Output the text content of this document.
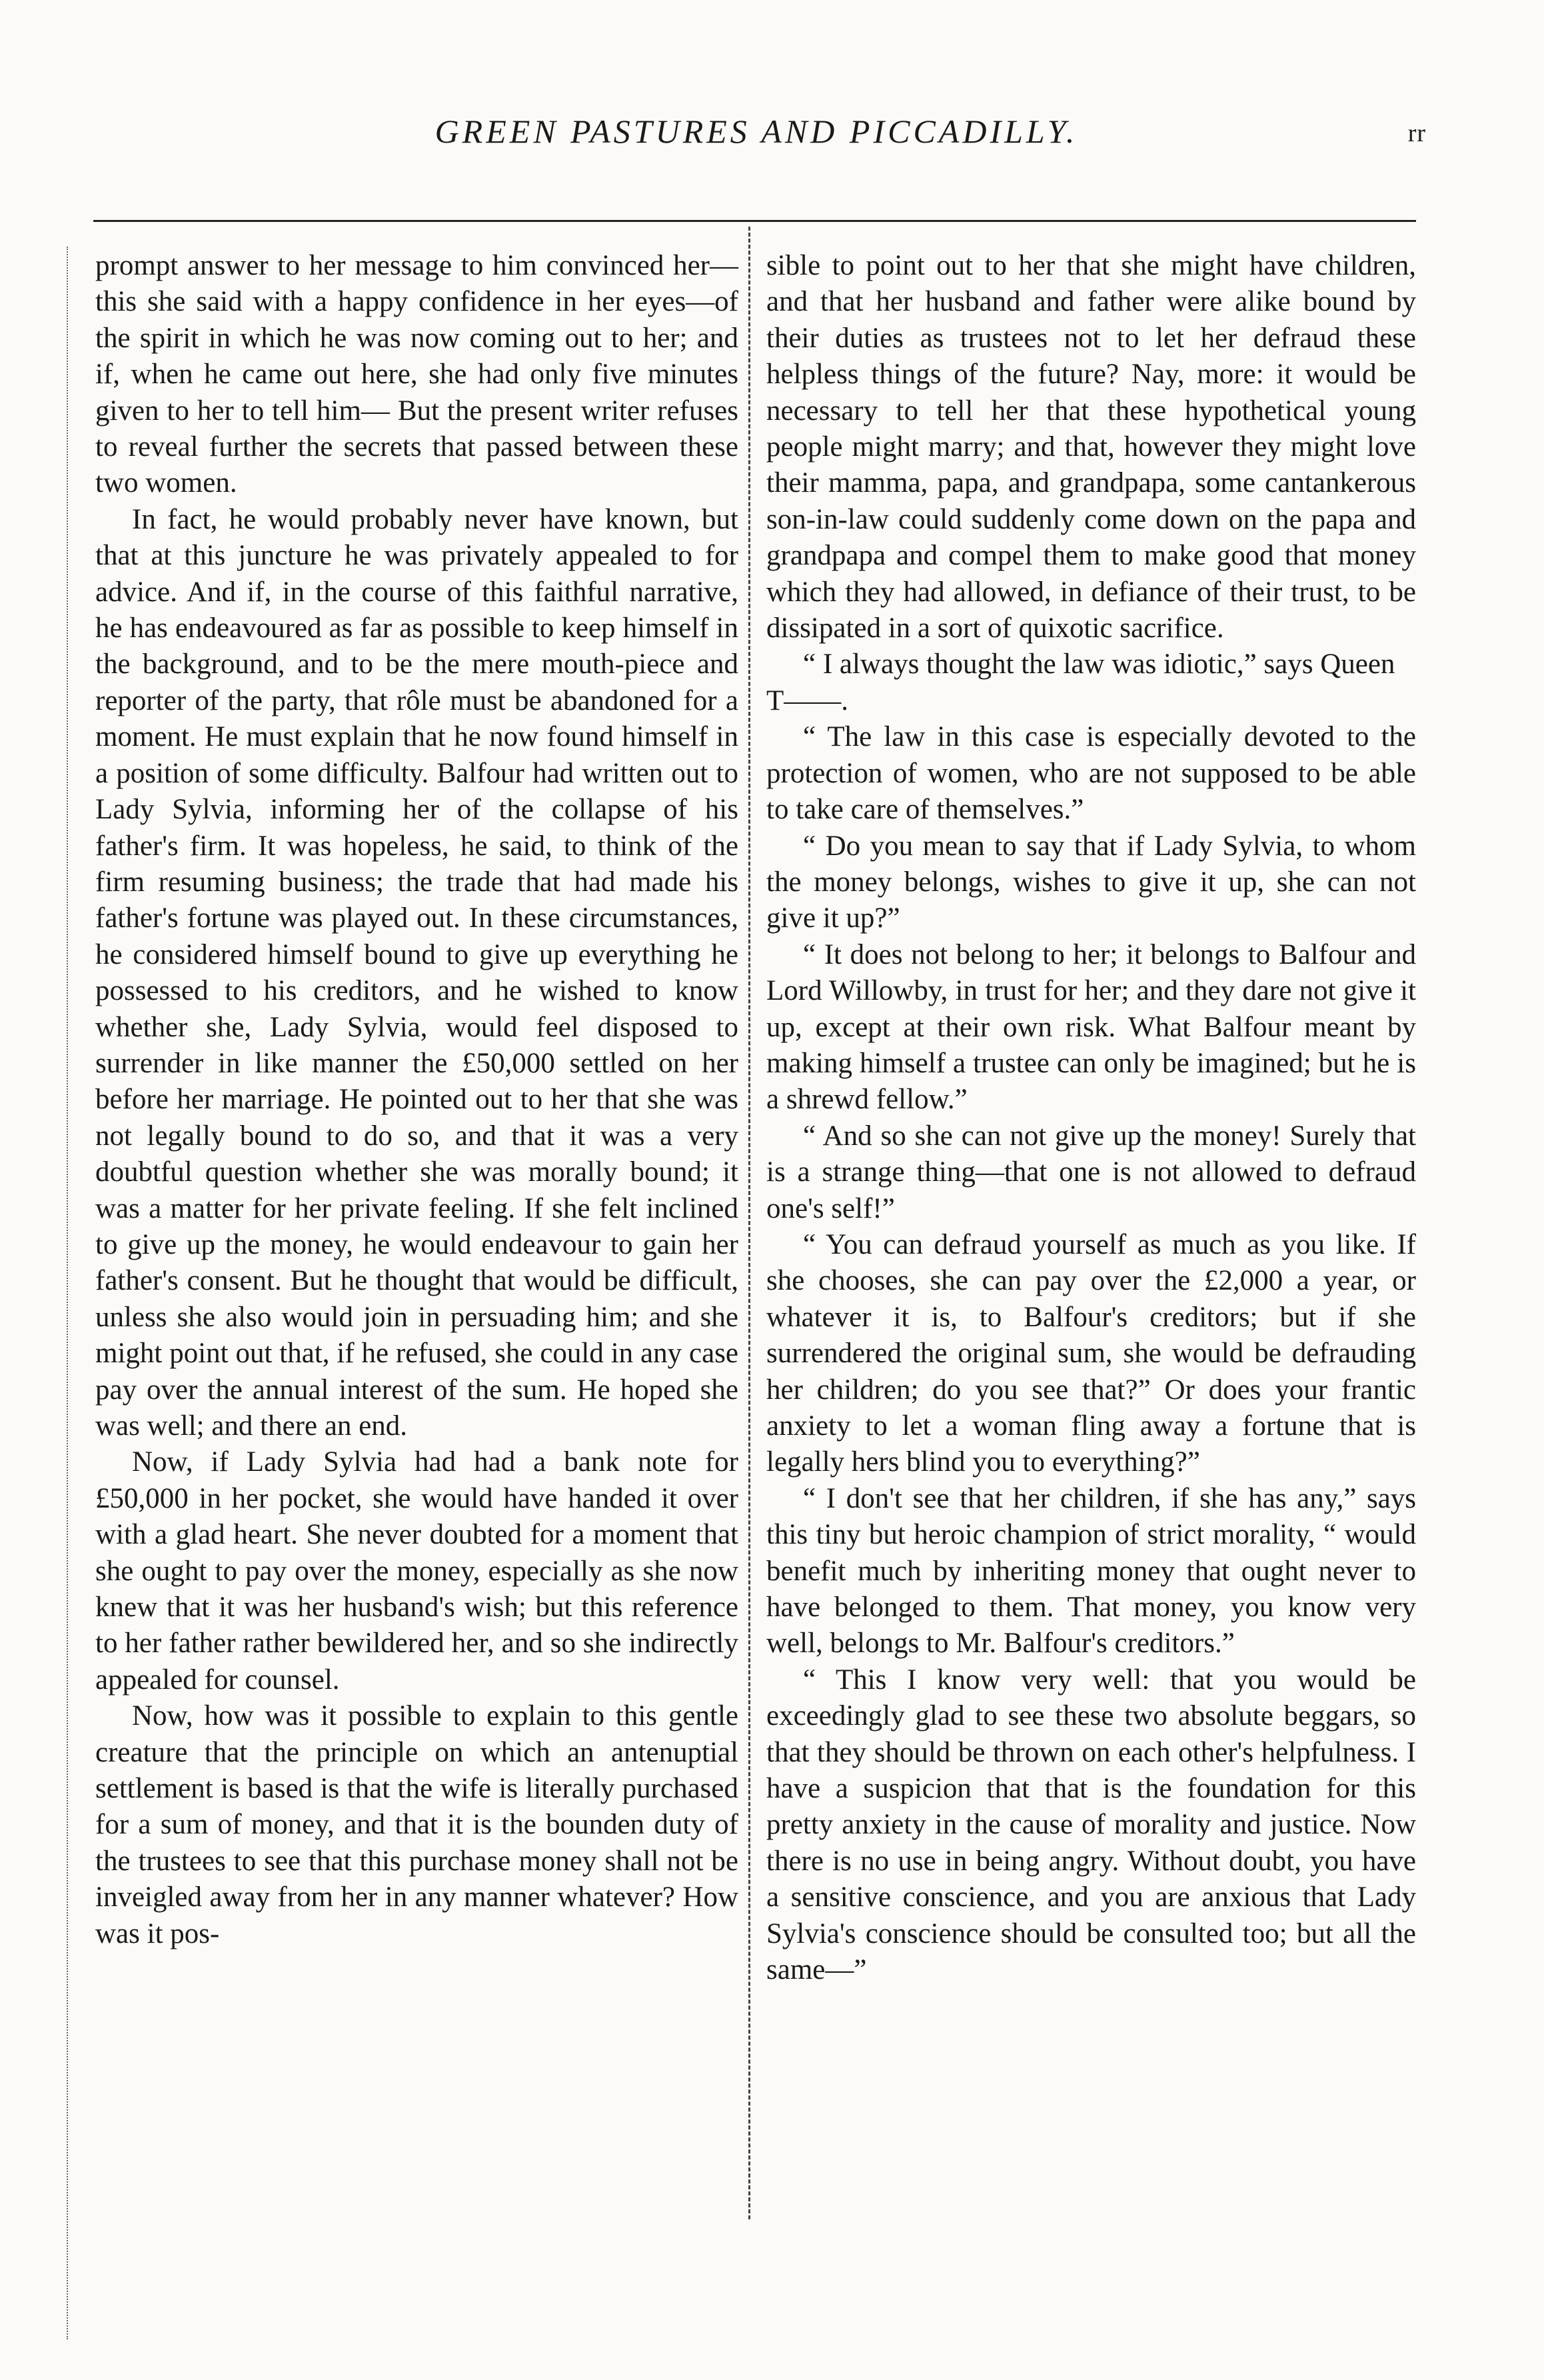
GREEN PASTURES AND PICCADILLY.	rr

prompt answer to her message to him convinced her—this she said with a happy confidence in her eyes—of the spirit in which he was now coming out to her; and if, when he came out here, she had only five minutes given to her to tell him— But the present writer refuses to reveal further the secrets that passed between these two women.

In fact, he would probably never have known, but that at this juncture he was privately appealed to for advice. And if, in the course of this faithful narrative, he has endeavoured as far as possible to keep himself in the background, and to be the mere mouth-piece and reporter of the party, that rôle must be abandoned for a moment. He must explain that he now found himself in a position of some difficulty. Balfour had written out to Lady Sylvia, informing her of the collapse of his father's firm. It was hopeless, he said, to think of the firm resuming business; the trade that had made his father's fortune was played out. In these circumstances, he considered himself bound to give up everything he possessed to his creditors, and he wished to know whether she, Lady Sylvia, would feel disposed to surrender in like manner the £50,000 settled on her before her marriage. He pointed out to her that she was not legally bound to do so, and that it was a very doubtful question whether she was morally bound; it was a matter for her private feeling. If she felt inclined to give up the money, he would endeavour to gain her father's consent. But he thought that would be difficult, unless she also would join in persuading him; and she might point out that, if he refused, she could in any case pay over the annual interest of the sum. He hoped she was well; and there an end.

Now, if Lady Sylvia had had a bank note for £50,000 in her pocket, she would have handed it over with a glad heart. She never doubted for a moment that she ought to pay over the money, especially as she now knew that it was her husband's wish; but this reference to her father rather bewildered her, and so she indirectly appealed for counsel.

Now, how was it possible to explain to this gentle creature that the principle on which an antenuptial settlement is based is that the wife is literally purchased for a sum of money, and that it is the bounden duty of the trustees to see that this purchase money shall not be inveigled away from her in any manner whatever? How was it pos-

sible to point out to her that she might have children, and that her husband and father were alike bound by their duties as trustees not to let her defraud these helpless things of the future? Nay, more: it would be necessary to tell her that these hypothetical young people might marry; and that, however they might love their mamma, papa, and grandpapa, some cantankerous son-in-law could suddenly come down on the papa and grandpapa and compel them to make good that money which they had allowed, in defiance of their trust, to be dissipated in a sort of quixotic sacrifice.

“ I always thought the law was idiotic,” says Queen T——.

“ The law in this case is especially devoted to the protection of women, who are not supposed to be able to take care of themselves.”

“ Do you mean to say that if Lady Sylvia, to whom the money belongs, wishes to give it up, she can not give it up?”

“ It does not belong to her; it belongs to Balfour and Lord Willowby, in trust for her; and they dare not give it up, except at their own risk. What Balfour meant by making himself a trustee can only be imagined; but he is a shrewd fellow.”

“ And so she can not give up the money! Surely that is a strange thing—that one is not allowed to defraud one's self!”

“ You can defraud yourself as much as you like. If she chooses, she can pay over the £2,000 a year, or whatever it is, to Balfour's creditors; but if she surrendered the original sum, she would be defrauding her children; do you see that?” Or does your frantic anxiety to let a woman fling away a fortune that is legally hers blind you to everything?”

“ I don't see that her children, if she has any,” says this tiny but heroic champion of strict morality, “ would benefit much by inheriting money that ought never to have belonged to them. That money, you know very well, belongs to Mr. Balfour's creditors.”

“ This I know very well: that you would be exceedingly glad to see these two absolute beggars, so that they should be thrown on each other's helpfulness. I have a suspicion that that is the foundation for this pretty anxiety in the cause of morality and justice. Now there is no use in being angry. Without doubt, you have a sensitive conscience, and you are anxious that Lady Sylvia's conscience should be consulted too; but all the same—”
